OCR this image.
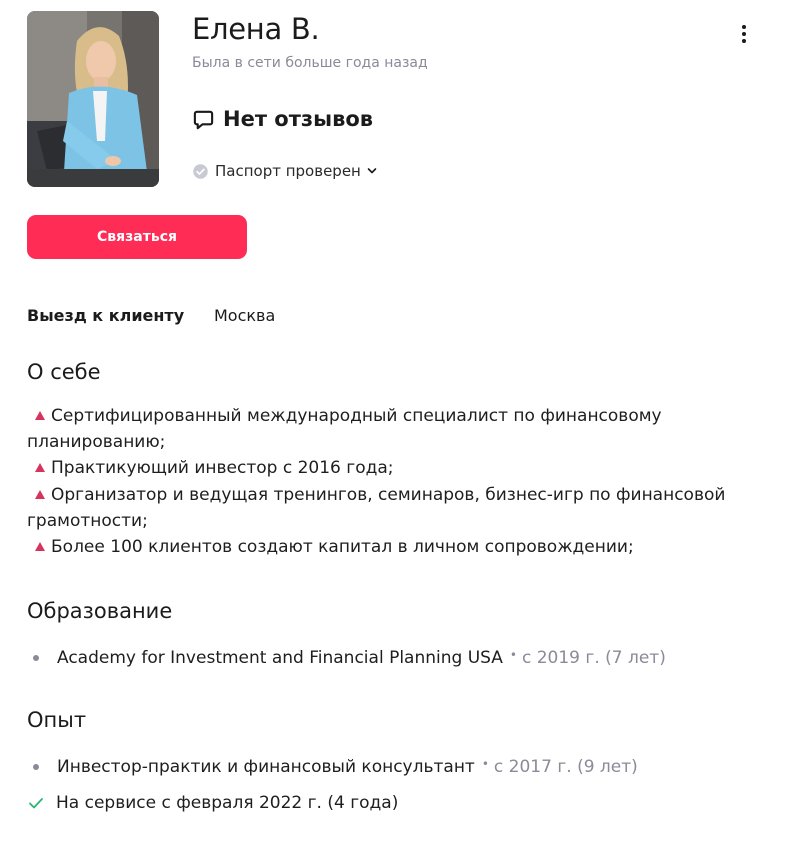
Елена В.
Была в сети больше года назад
Нет отзывов
Паспорт проверен
Связаться
Выезд к клиенту Москва
О себе
Сертифицированный международный специалист по финансовому
планированию;
Практикующий инвестор с 2016 года;
Организатор и ведущая тренингов, семинаров, бизнес-игр по финансовой
грамотности;
Более 100 клиентов создают капитал в личном сопровождении;
Образование
Academy for Investment and Financial Planning USA • с 2019 г. (7 лет)
Опыт
Инвестор-практик и финансовый консультант • с 2017 г. (9 лет)
На сервисе с февраля 2022 г. (4 года)
